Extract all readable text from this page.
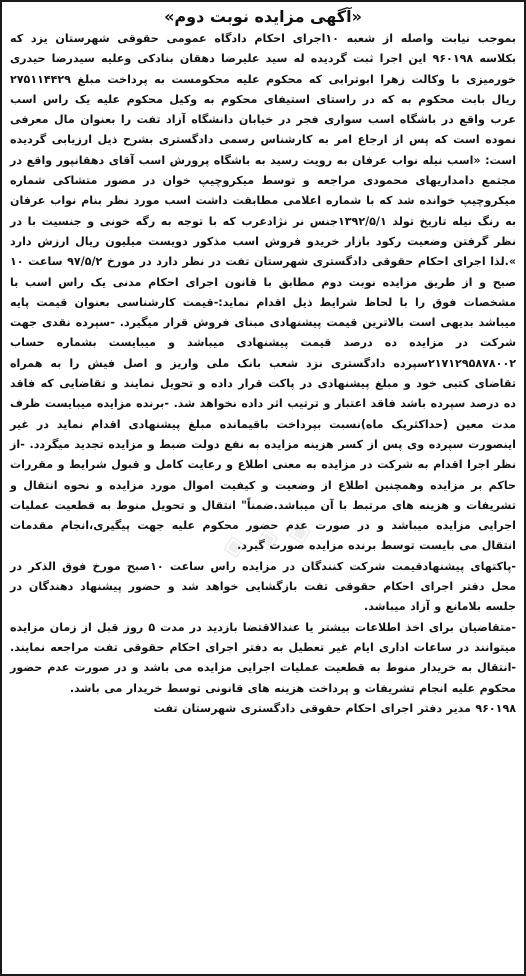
«آگهی مزایده نوبت دوم»

بموجب نیابت واصله از شعبه ۱۰اجرای احکام دادگاه عمومی حقوقی شهرستان یزد که بکلاسه ۹۶۰۱۹۸ این اجرا ثبت گردیده له سید علیرضا دهقان بنادکی وعلیه سیدرضا حیدری خورمیزی با وکالت زهرا ابوترابی که محکوم علیه محکومست به پرداخت مبلغ ۲۷۵۱۱۴۴۲۹ ریال بابت محکوم به که در راستای استیفای محکوم به وکیل محکوم علیه یک راس اسب عرب واقع در باشگاه اسب سواری فجر در خیابان دانشگاه آزاد تفت را بعنوان مال معرفی نموده است که پس از ارجاع امر به کارشناس رسمی دادگستری بشرح ذیل ارزیابی گردیده است: «اسب نیله نواب عرفان به رویت رسید به باشگاه پرورش اسب آقای دهقانپور واقع در مجتمع دامداریهای محمودی مراجعه و توسط میکروچیپ خوان در مضور متشاکی شماره میکروچیپ خوانده شد که با شماره اعلامی مطابقت داشت اسب مورد نظر بنام نواب عرفان به رنگ نیله تاریخ تولد ۱۳۹۲/۵/۱جنس نر نژادعرب که با توجه به رگه خونی و جنسیت با در نظر گرفتن وضعیت رکود بازار خریدو فروش اسب مذکور دویست میلیون ریال ارزش دارد ».لذا اجرای احکام حقوقی دادگستری شهرستان تفت در نظر دارد در مورخ ۹۷/۵/۲ ساعت ۱۰ صبح و از طریق مزایده نوبت دوم مطابق با قانون اجرای احکام مدنی یک راس اسب با مشخصات فوق را با لحاظ شرایط ذیل اقدام نماید:-قیمت کارشناسی بعنوان قیمت پایه میباشد بدیهی است بالاترین قیمت پیشنهادی مبنای فروش قرار میگیرد. -سپرده نقدی جهت شرکت در مزایده ده درصد قیمت پیشنهادی میباشد و میبایست بشماره حساب ۲۱۷۱۲۹۵۸۷۸۰۰۲سپرده دادگستری نزد شعب بانک ملی واریز و اصل فیش را به همراه تقاضای کتبی خود و مبلغ پیشنهادی در پاکت قرار داده و تحویل نمایند و تقاضایی که فاقد ده درصد سپرده باشد فاقد اعتبار و ترتیب اثر داده نخواهد شد. -برنده مزایده میبایست ظرف مدت معین (حداکثریک ماه)نسبت بپرداخت باقیمانده مبلغ پیشنهادی اقدام نماید در غیر اینصورت سپرده وی پس از کسر هزینه مزایده به نفع دولت ضبط و مزایده تجدید میگردد. -از نظر اجرا اقدام به شرکت در مزایده به معنی اطلاع و رعایت کامل و قبول شرایط و مقررات حاکم بر مزایده وهمچنین اطلاع از وضعیت و کیفیت اموال مورد مزایده و نحوه انتقال و تشریفات و هزینه های مرتبط با آن میباشد.ضمناً" انتقال و تحویل منوط به قطعیت عملیات اجرایی مزایده میباشد و در صورت عدم حضور محکوم علیه جهت پیگیری،انجام مقدمات انتقال می بایست توسط برنده مزایده صورت گیرد.

-پاکتهای پیشنهادقیمت شرکت کنندگان در مزایده راس ساعت ۱۰صبح مورخ فوق الذکر در محل دفتر اجرای احکام حقوقی تفت بازگشایی خواهد شد و حضور پیشنهاد دهندگان در جلسه بلامانع و آزاد میباشد.

-متقاضیان برای اخذ اطلاعات بیشتر یا عندالاقتضا بازدید در مدت ۵ روز قبل از زمان مزایده میتوانند در ساعات اداری ایام غیر تعطیل به دفتر اجرای احکام حقوقی تفت مراجعه نمایند. -انتقال به خریدار منوط به قطعیت عملیات اجرایی مزایده می باشد و در صورت عدم حضور محکوم علیه انجام تشریفات و پرداخت هزینه های قانونی توسط خریدار می باشد.

۹۶۰۱۹۸ مدیر دفتر اجرای احکام حقوقی دادگستری شهرستان تفت

◈ ◈ ◈
